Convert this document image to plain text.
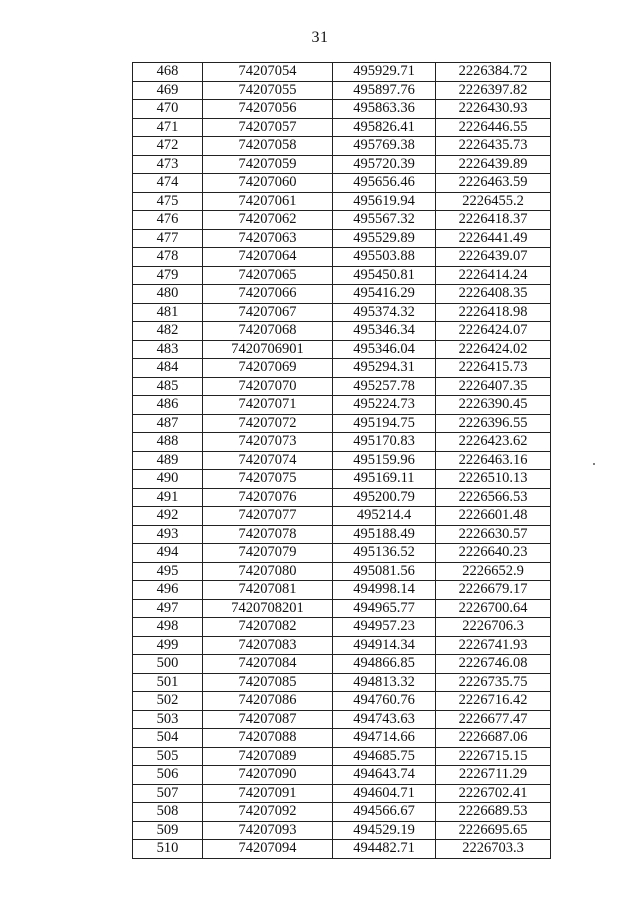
31
468	74207054	495929.71	2226384.72
469	74207055	495897.76	2226397.82
470	74207056	495863.36	2226430.93
471	74207057	495826.41	2226446.55
472	74207058	495769.38	2226435.73
473	74207059	495720.39	2226439.89
474	74207060	495656.46	2226463.59
475	74207061	495619.94	2226455.2
476	74207062	495567.32	2226418.37
477	74207063	495529.89	2226441.49
478	74207064	495503.88	2226439.07
479	74207065	495450.81	2226414.24
480	74207066	495416.29	2226408.35
481	74207067	495374.32	2226418.98
482	74207068	495346.34	2226424.07
483	7420706901	495346.04	2226424.02
484	74207069	495294.31	2226415.73
485	74207070	495257.78	2226407.35
486	74207071	495224.73	2226390.45
487	74207072	495194.75	2226396.55
488	74207073	495170.83	2226423.62
489	74207074	495159.96	2226463.16
490	74207075	495169.11	2226510.13
491	74207076	495200.79	2226566.53
492	74207077	495214.4	2226601.48
493	74207078	495188.49	2226630.57
494	74207079	495136.52	2226640.23
495	74207080	495081.56	2226652.9
496	74207081	494998.14	2226679.17
497	7420708201	494965.77	2226700.64
498	74207082	494957.23	2226706.3
499	74207083	494914.34	2226741.93
500	74207084	494866.85	2226746.08
501	74207085	494813.32	2226735.75
502	74207086	494760.76	2226716.42
503	74207087	494743.63	2226677.47
504	74207088	494714.66	2226687.06
505	74207089	494685.75	2226715.15
506	74207090	494643.74	2226711.29
507	74207091	494604.71	2226702.41
508	74207092	494566.67	2226689.53
509	74207093	494529.19	2226695.65
510	74207094	494482.71	2226703.3
